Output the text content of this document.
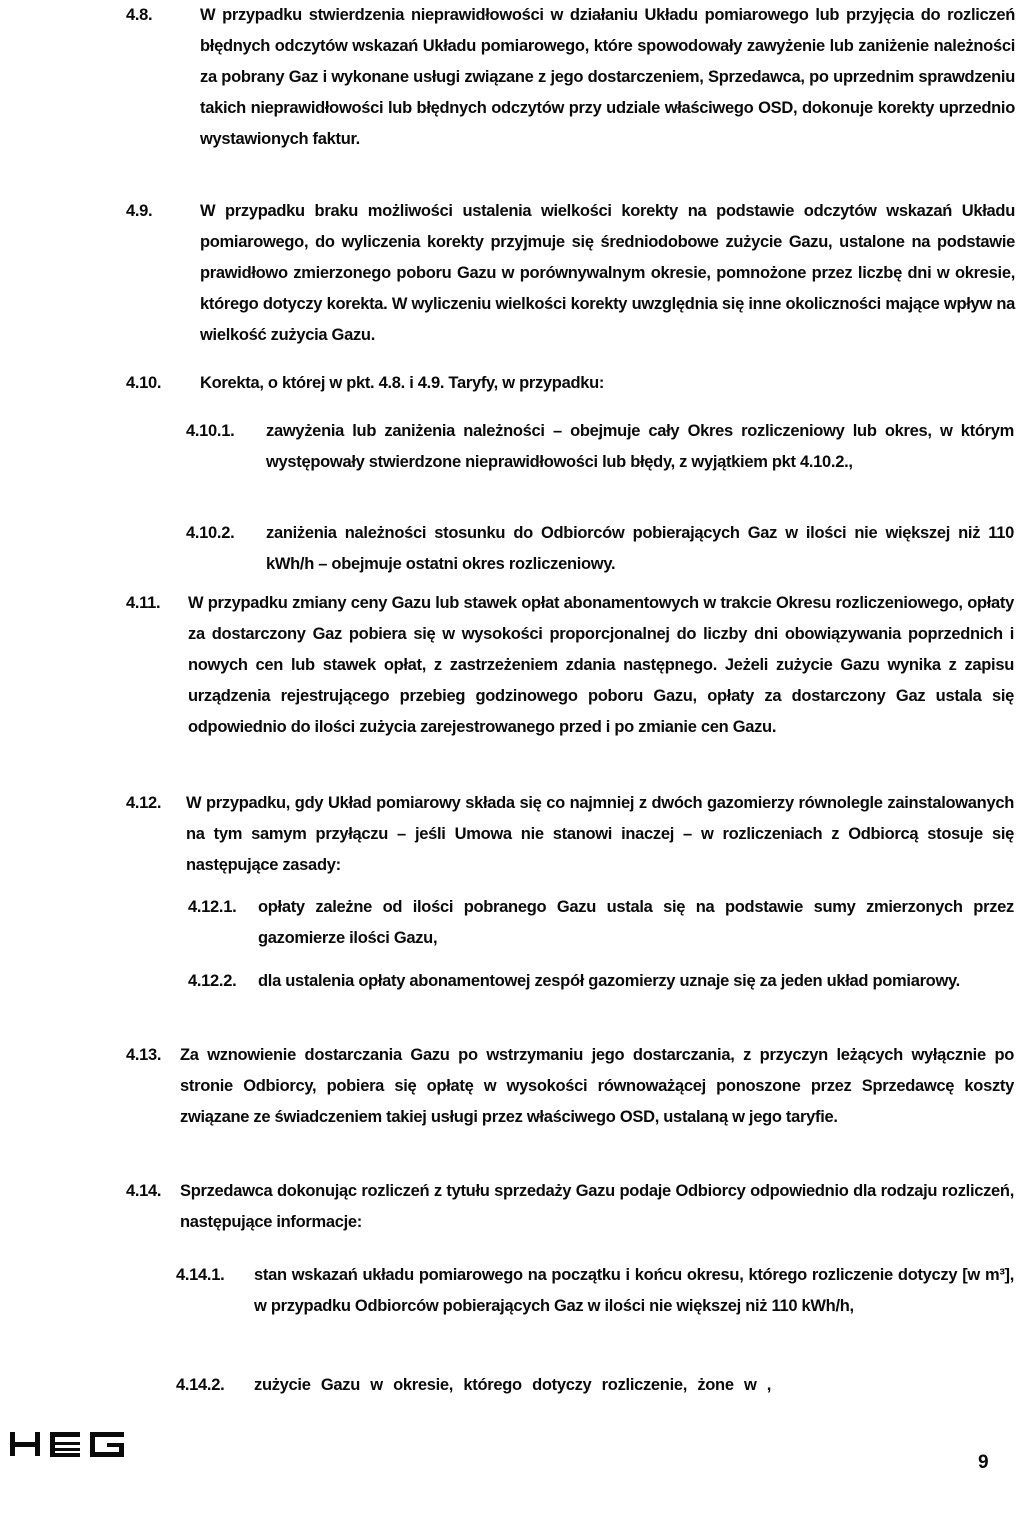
4.8.	W przypadku stwierdzenia nieprawidłowości w działaniu Układu pomiarowego lub przyjęcia do rozliczeń błędnych odczytów wskazań Układu pomiarowego, które spowodowały zawyżenie lub zaniżenie należności za pobrany Gaz i wykonane usługi związane z jego dostarczeniem, Sprzedawca, po uprzednim sprawdzeniu takich nieprawidłowości lub błędnych odczytów przy udziale właściwego OSD, dokonuje korekty uprzednio wystawionych faktur.
4.9.	W przypadku braku możliwości ustalenia wielkości korekty na podstawie odczytów wskazań Układu pomiarowego, do wyliczenia korekty przyjmuje się średniodobowe zużycie Gazu, ustalone na podstawie prawidłowo zmierzonego poboru Gazu w porównywalnym okresie, pomnożone przez liczbę dni w okresie, którego dotyczy korekta. W wyliczeniu wielkości korekty uwzględnia się inne okoliczności mające wpływ na wielkość zużycia Gazu.
4.10. Korekta, o której w pkt. 4.8. i 4.9. Taryfy, w przypadku:
4.10.1. zawyżenia lub zaniżenia należności – obejmuje cały Okres rozliczeniowy lub okres, w którym występowały stwierdzone nieprawidłowości lub błędy, z wyjątkiem pkt 4.10.2.,
4.10.2. zaniżenia należności stosunku do Odbiorców pobierających Gaz w ilości nie większej niż 110 kWh/h – obejmuje ostatni okres rozliczeniowy.
4.11. W przypadku zmiany ceny Gazu lub stawek opłat abonamentowych w trakcie Okresu rozliczeniowego, opłaty za dostarczony Gaz pobiera się w wysokości proporcjonalnej do liczby dni obowiązywania poprzednich i nowych cen lub stawek opłat, z zastrzeżeniem zdania następnego. Jeżeli zużycie Gazu wynika z zapisu urządzenia rejestrującego przebieg godzinowego poboru Gazu, opłaty za dostarczony Gaz ustala się odpowiednio do ilości zużycia zarejestrowanego przed i po zmianie cen Gazu.
4.12. W przypadku, gdy Układ pomiarowy składa się co najmniej z dwóch gazomierzy równolegle zainstalowanych na tym samym przyłączu – jeśli Umowa nie stanowi inaczej – w rozliczeniach z Odbiorcą stosuje się następujące zasady:
4.12.1. opłaty zależne od ilości pobranego Gazu ustala się na podstawie sumy zmierzonych przez gazomierze ilości Gazu,
4.12.2. dla ustalenia opłaty abonamentowej zespół gazomierzy uznaje się za jeden układ pomiarowy.
4.13. Za wznowienie dostarczania Gazu po wstrzymaniu jego dostarczania, z przyczyn leżących wyłącznie po stronie Odbiorcy, pobiera się opłatę w wysokości równoważącej ponoszone przez Sprzedawcę koszty związane ze świadczeniem takiej usługi przez właściwego OSD, ustalaną w jego taryfie.
4.14. Sprzedawca dokonując rozliczeń z tytułu sprzedaży Gazu podaje Odbiorcy odpowiednio dla rodzaju rozliczeń, następujące informacje:
4.14.1. stan wskazań układu pomiarowego na początku i końcu okresu, którego rozliczenie dotyczy [w m³], w przypadku Odbiorców pobierających Gaz w ilości nie większej niż 110 kWh/h,
4.14.2. zużycie Gazu w okresie, którego dotyczy rozliczenie, żone w ,
9
